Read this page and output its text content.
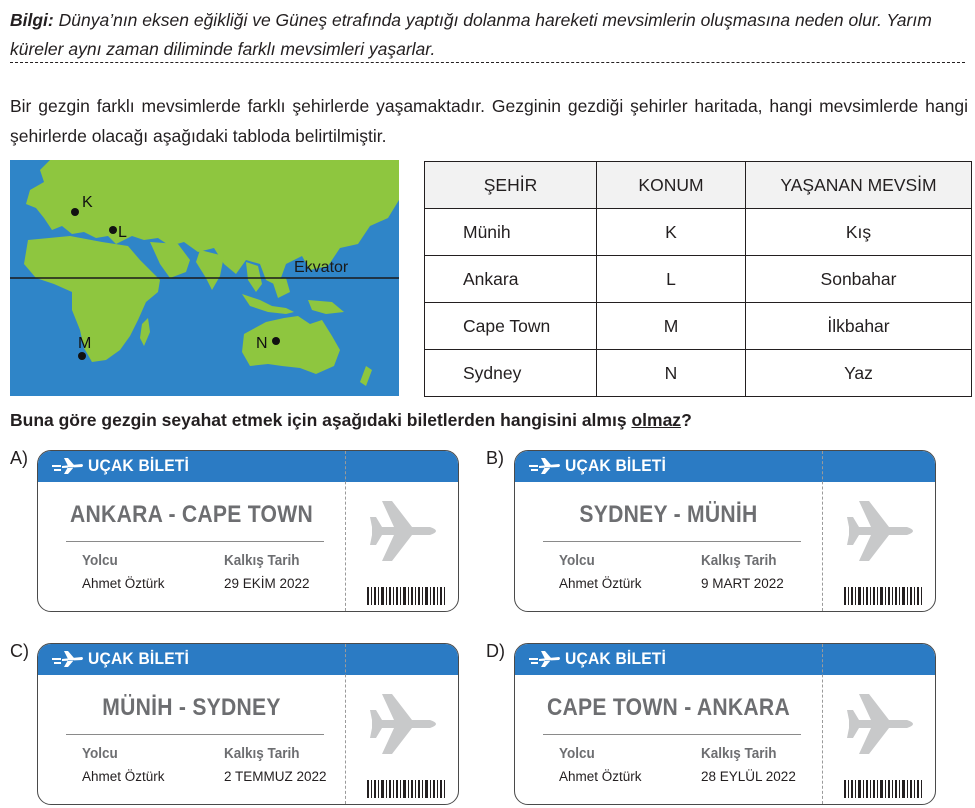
Bilgi: Dünya’nın eksen eğikliği ve Güneş etrafında yaptığı dolanma hareketi mevsimlerin oluşmasına neden olur. Yarım küreler aynı zaman diliminde farklı mevsimleri yaşarlar.
Bir gezgin farklı mevsimlerde farklı şehirlerde yaşamaktadır. Gezginin gezdiği şehirler haritada, hangi mevsimlerde hangi şehirlerde olacağı aşağıdaki tabloda belirtilmiştir.
Ekvator
K
L
M	N
ŞEHİR	KONUM	YAŞANAN MEVSİM
Münih	K	Kış
Ankara	L	Sonbahar
Cape Town	M	İlkbahar
Sydney	N	Yaz
Buna göre gezgin seyahat etmek için aşağıdaki biletlerden hangisini almış olmaz?
A)	B)
C)	D)
UÇAK BİLETİ
ANKARA - CAPE TOWN
Yolcu	Kalkış Tarih
Ahmet Öztürk	29 EKİM 2022
UÇAK BİLETİ
SYDNEY - MÜNİH
Yolcu	Kalkış Tarih
Ahmet Öztürk	9 MART 2022
UÇAK BİLETİ
MÜNİH - SYDNEY
Yolcu	Kalkış Tarih
Ahmet Öztürk	2 TEMMUZ 2022
UÇAK BİLETİ
CAPE TOWN - ANKARA
Yolcu	Kalkış Tarih
Ahmet Öztürk	28 EYLÜL 2022
